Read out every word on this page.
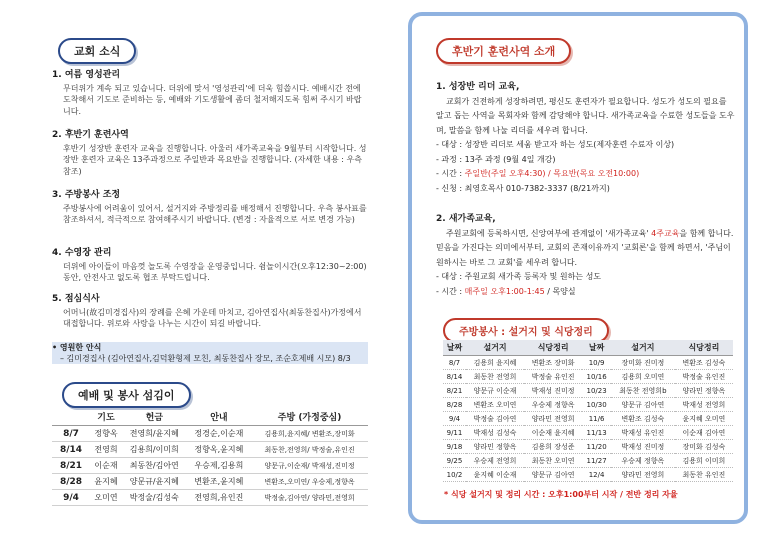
교회 소식
1. 여름 영성관리
무더위가 계속 되고 있습니다. 더위에 맞서 '영성관리'에 더욱 힘씁시다. 예배시간 전에 도착해서 기도로 준비하는 등, 예배와 기도생활에 좀더 철저해지도록 힘써 주시기 바랍니다.
2. 후반기 훈련사역
후반기 성장반 훈련자 교육을 진행합니다. 아울러 새가족교육을 9월부터 시작합니다. 성장반 훈련자 교육은 13주과정으로 주일반과 목요반을 진행합니다. (자세한 내용 : 우측 참조)
3. 주방봉사 조정
주방봉사에 어려움이 있어서, 설거지와 주방정리를 배정해서 진행합니다. 우측 봉사표를 참조하셔서, 적극적으로 참여해주시기 바랍니다. (변경 : 자율적으로 서로 변경 가능)
4. 수영장 관리
더위에 아이들이 마음껏 놀도록 수영장을 운영중입니다. 쉼놀이시간(오후12:30~2:00)동안, 안전사고 없도록 협조 부탁드립니다.
5. 점심식사
어머니(故김미경집사)의 장례를 은혜 가운데 마치고, 김아연집사(최동찬집사)가정에서 대접합니다. 위로와 사랑을 나누는 시간이 되길 바랍니다.
• 영원한 안식
– 김미경집사 (김아연집사,김덕환형제 모친, 최동찬집사 장모, 조순호제배 시모) 8/3
예배 및 봉사 섬김이
	기도	헌금	안내	주방 (가정중심)
8/7	정향옥	전영희/윤지혜	정경순,이순재	김용희,윤지혜/ 변환조,장미화
8/14	전영희	김용희/이미희	정향옥,윤지혜	최동찬,전영희/ 박정술,유인진
8/21	이순재	최동찬/김아연	우승제,김용희	양문규,이순재/ 박재성,진미정
8/28	윤지혜	양문규/윤지혜	변환조,윤지혜	변환조,오미연/ 우승제,정향옥
9/4	오미연	박정술/김성숙	전영희,유인진	박정술,김아연/ 양라민,전영희
후반기 훈련사역 소개
1. 성장반 리더 교육,
교회가 건전하게 성장하려면, 평신도 훈련자가 필요합니다. 성도가 성도의 필요를 알고 돕는 사역을 목회자와 함께 감당해야 합니다. 새가족교육을 수료한 성도들을 도우며, 말씀을 함께 나눌 리더를 세우려 합니다.
- 대상 : 성장반 리더로 세움 받고자 하는 성도(제자훈련 수료자 이상)
- 과정 : 13주 과정 (9월 4일 개강)
- 시간 : 주일반(주일 오후4:30) / 목요반(목요 오전10:00)
- 신청 : 최영호목사 010-7382-3337 (8/21까지)
2. 새가족교육,
주원교회에 등록하시면, 신앙여부에 관계없이 '새가족교육' 4주교육을 함께 합니다. 믿음을 가진다는 의미에서부터, 교회의 존재이유까지 '교회론'을 함께 하면서, '주님이 원하시는 바로 그 교회'를 세우려 합니다.
- 대상 : 주원교회 새가족 등록자 및 원하는 성도
- 시간 : 매주일 오후1:00-1:45 / 목양실
주방봉사 : 설거지 및 식당정리
날짜	설거지	식당정리	날짜	설거지	식당정리
8/7	김용희 윤지혜	변환조 장미화	10/9	장미화 진미정	변환조 김성숙
8/14	최동찬 전영희	박정술 유인진	10/16	김용희 오미연	박정술 유인진
8/21	양문규 이순재	박재성 진미정	10/23	최동찬 전영희b	양라민 정향옥
8/28	변환조 오미연	우승제 정향옥	10/30	양문규 김아연	박재성 전영희
9/4	박정술 김아연	양라민 전영희	11/6	변환조 김성숙	윤지혜 오미연
9/11	박재성 김성숙	이순재 윤지혜	11/13	박재성 유인진	이순재 김아연
9/18	양라민 정향옥	김용희 장성준	11/20	박재성 진미정	장미화 김성숙
9/25	우승제 전영희	최동찬 오미연	11/27	우승제 정향옥	김용희 이미희
10/2	윤지혜 이순재	양문규 김아연	12/4	양라민 전영희	최동찬 유인진
* 식당 설거지 및 정리 시간 : 오후1:00부터 시작 / 전반 정리 자율
